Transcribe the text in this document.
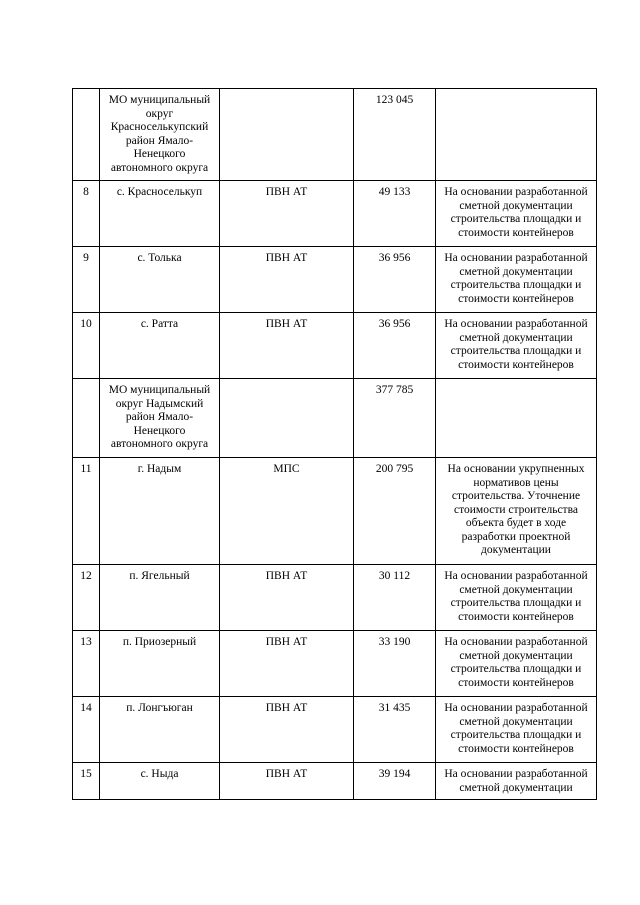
	МО муниципальный округ Красноселькупский район Ямало-Ненецкого автономного округа		123 045	
8	с. Красноселькуп	ПВН АТ	49 133	На основании разработанной сметной документации строительства площадки и стоимости контейнеров
9	с. Толька	ПВН АТ	36 956	На основании разработанной сметной документации строительства площадки и стоимости контейнеров
10	с. Ратта	ПВН АТ	36 956	На основании разработанной сметной документации строительства площадки и стоимости контейнеров
	МО муниципальный округ Надымский район Ямало-Ненецкого автономного округа		377 785	
11	г. Надым	МПС	200 795	На основании укрупненных нормативов цены строительства. Уточнение стоимости строительства объекта будет в ходе разработки проектной документации
12	п. Ягельный	ПВН АТ	30 112	На основании разработанной сметной документации строительства площадки и стоимости контейнеров
13	п. Приозерный	ПВН АТ	33 190	На основании разработанной сметной документации строительства площадки и стоимости контейнеров
14	п. Лонгъюган	ПВН АТ	31 435	На основании разработанной сметной документации строительства площадки и стоимости контейнеров
15	с. Ныда	ПВН АТ	39 194	На основании разработанной сметной документации
